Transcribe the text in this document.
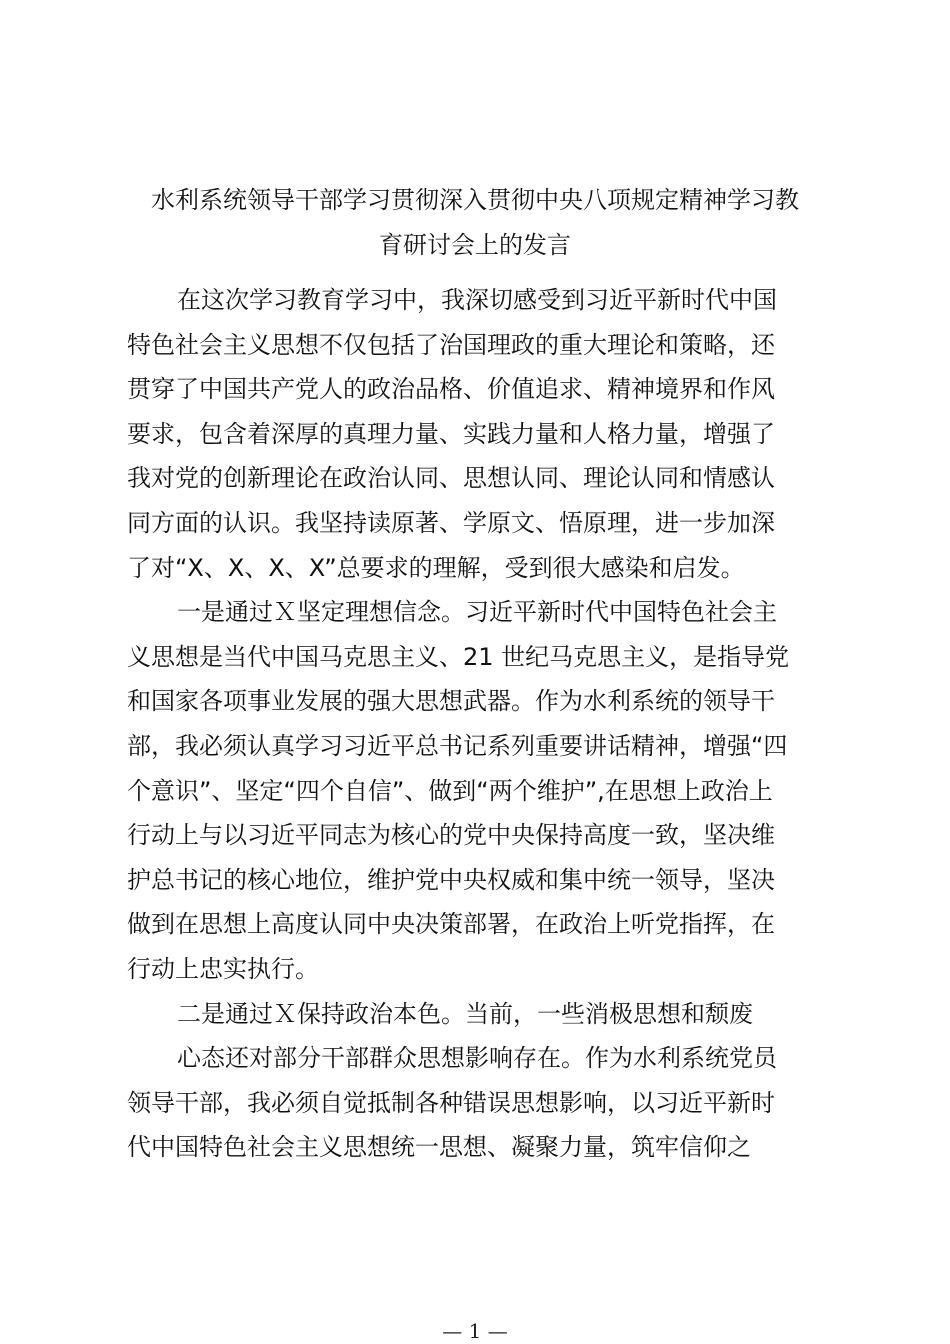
水利系统领导干部学习贯彻深入贯彻中央八项规定精神学习教
育研讨会上的发言
在这次学习教育学习中，我深切感受到习近平新时代中国
特色社会主义思想不仅包括了治国理政的重大理论和策略，还
贯穿了中国共产党人的政治品格、价值追求、精神境界和作风
要求，包含着深厚的真理力量、实践力量和人格力量，增强了
我对党的创新理论在政治认同、思想认同、理论认同和情感认
同方面的认识。我坚持读原著、学原文、悟原理，进一步加深
了对“X、X、X、X”总要求的理解，受到很大感染和启发。
一是通过Ｘ坚定理想信念。习近平新时代中国特色社会主
义思想是当代中国马克思主义、21 世纪马克思主义，是指导党
和国家各项事业发展的强大思想武器。作为水利系统的领导干
部，我必须认真学习习近平总书记系列重要讲话精神，增强“四
个意识”、坚定“四个自信”、做到“两个维护”,在思想上政治上
行动上与以习近平同志为核心的党中央保持高度一致，坚决维
护总书记的核心地位，维护党中央权威和集中统一领导，坚决
做到在思想上高度认同中央决策部署，在政治上听党指挥，在
行动上忠实执行。
二是通过Ｘ保持政治本色。当前，一些消极思想和颓废
心态还对部分干部群众思想影响存在。作为水利系统党员
领导干部，我必须自觉抵制各种错误思想影响，以习近平新时
代中国特色社会主义思想统一思想、凝聚力量，筑牢信仰之
— 1 —
